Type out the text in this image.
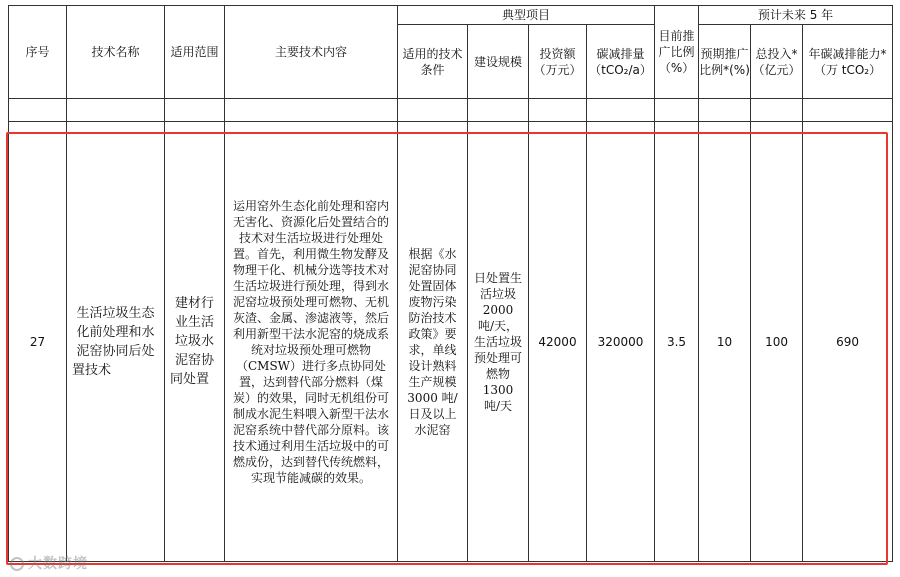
序号	技术名称	适用范围	主要技术内容	典型项目				目前推广比例（%）	预计未来 5 年		
				适用的技术条件	建设规模	投资额（万元）	碳减排量（tCO₂/a）		预期推广比例*(%)	总投入*（亿元）	年碳减排能力*（万 tCO₂）

27	生活垃圾生态化前处理和水泥窑协同后处置技术	建材行业生活垃圾水泥窑协同处置	运用窑外生态化前处理和窑内无害化、资源化后处置结合的技术对生活垃圾进行处理处置。首先，利用微生物发酵及物理干化、机械分选等技术对生活垃圾进行预处理，得到水泥窑垃圾预处理可燃物、无机灰渣、金属、渗滤液等，然后利用新型干法水泥窑的烧成系统对垃圾预处理可燃物（CMSW）进行多点协同处置，达到替代部分燃料（煤炭）的效果，同时无机组份可制成水泥生料喂入新型干法水泥窑系统中替代部分原料。该技术通过利用生活垃圾中的可燃成份，达到替代传统燃料，实现节能减碳的效果。	根据《水泥窑协同处置固体废物污染防治技术政策》要求，单线设计熟料生产规模 3000 吨/日及以上水泥窑	日处置生活垃圾 2000 吨/天，生活垃圾预处理可燃物 1300 吨/天	42000	320000	3.5	10	100	690
大数跨境
